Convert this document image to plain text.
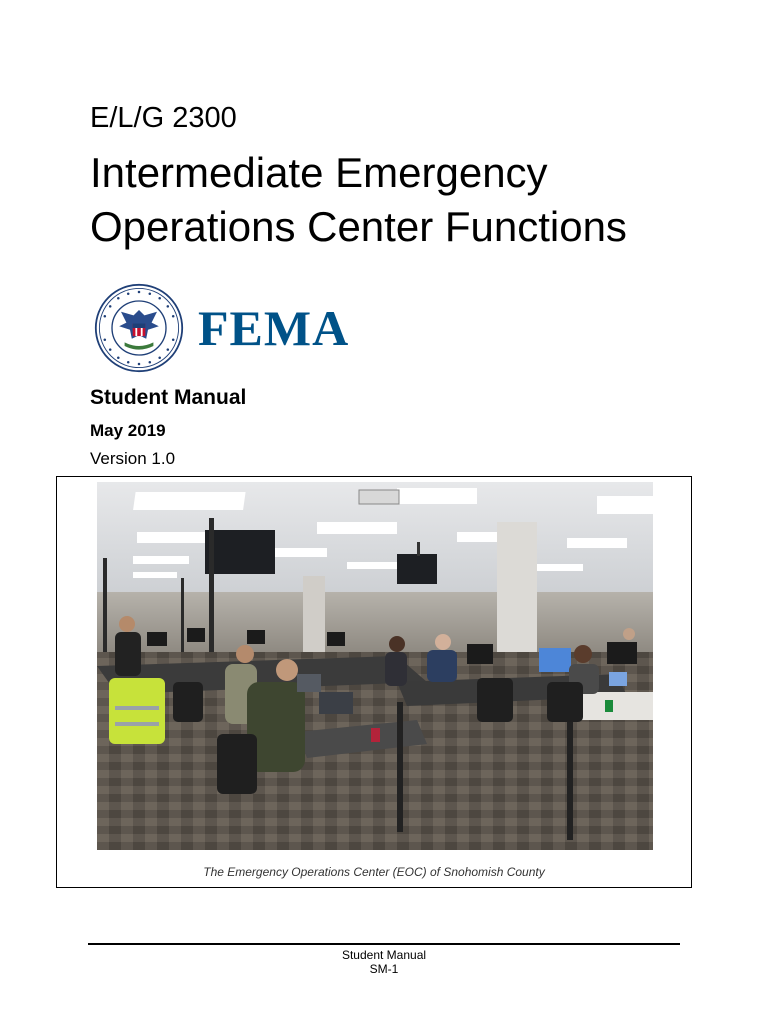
E/L/G 2300
Intermediate Emergency
Operations Center Functions
FEMA
Student Manual
May 2019
Version 1.0
The Emergency Operations Center (EOC) of Snohomish County
Student Manual
SM-1
